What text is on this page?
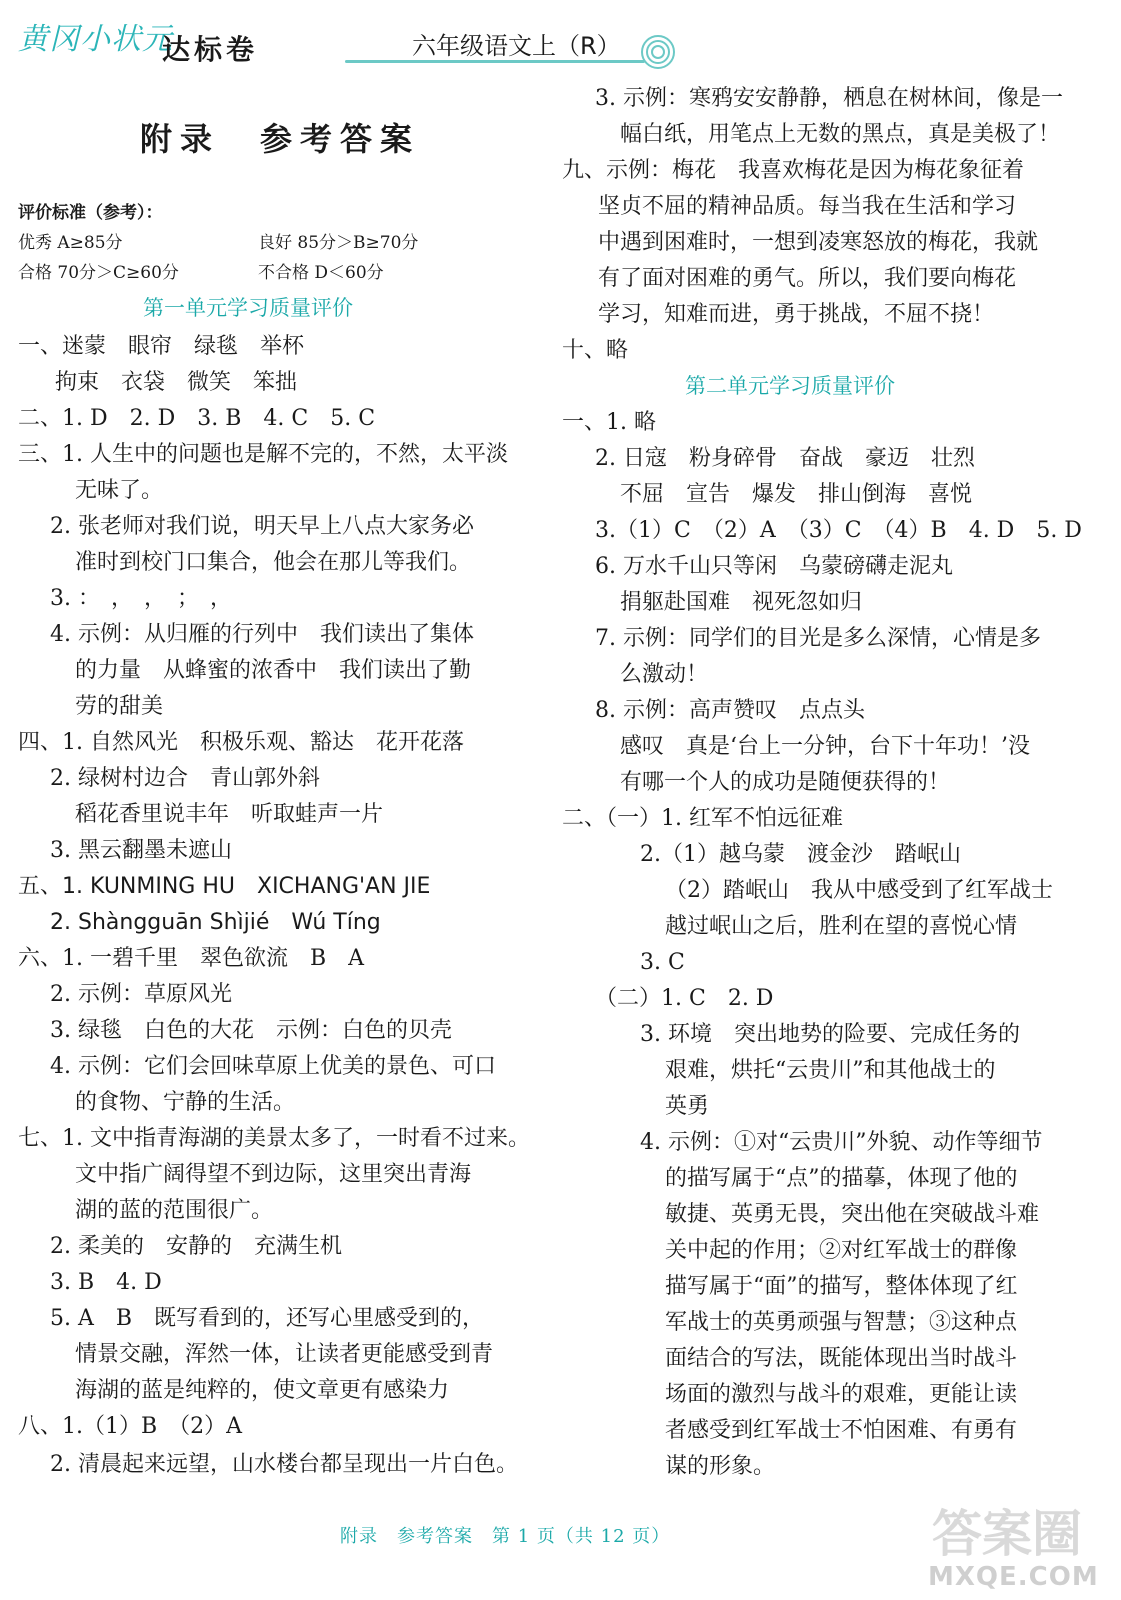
黄冈小状元
达标卷	六年级语文上（R）
附录　参考答案
评价标准（参考）：
优秀 A≥85分	良好 85分＞B≥70分
合格 70分＞C≥60分	不合格 D＜60分
第一单元学习质量评价
一、迷蒙　眼帘　绿毯　举杯
拘束　衣袋　微笑　笨拙
二、1. D　2. D　3. B　4. C　5. C
三、1. 人生中的问题也是解不完的，不然，太平淡
无味了。
2. 张老师对我们说，明天早上八点大家务必
准时到校门口集合，他会在那儿等我们。
3. ：　，　，　；　，
4. 示例：从归雁的行列中　我们读出了集体
的力量　从蜂蜜的浓香中　我们读出了勤
劳的甜美
四、1. 自然风光　积极乐观、豁达　花开花落
2. 绿树村边合　青山郭外斜
稻花香里说丰年　听取蛙声一片
3. 黑云翻墨未遮山
五、1. KUNMING HU　XICHANG'AN JIE
2. Shàngguān Shìjié　Wú Tíng
六、1. 一碧千里　翠色欲流　B　A
2. 示例：草原风光
3. 绿毯　白色的大花　示例：白色的贝壳
4. 示例：它们会回味草原上优美的景色、可口
的食物、宁静的生活。
七、1. 文中指青海湖的美景太多了，一时看不过来。
文中指广阔得望不到边际，这里突出青海
湖的蓝的范围很广。
2. 柔美的　安静的　充满生机
3. B　4. D
5. A　B　既写看到的，还写心里感受到的，
情景交融，浑然一体，让读者更能感受到青
海湖的蓝是纯粹的，使文章更有感染力
八、1.（1）B　（2）A
2. 清晨起来远望，山水楼台都呈现出一片白色。
3. 示例：寒鸦安安静静，栖息在树林间，像是一
幅白纸，用笔点上无数的黑点，真是美极了！
九、示例：梅花　我喜欢梅花是因为梅花象征着
坚贞不屈的精神品质。每当我在生活和学习
中遇到困难时，一想到凌寒怒放的梅花，我就
有了面对困难的勇气。所以，我们要向梅花
学习，知难而进，勇于挑战，不屈不挠！
十、略
第二单元学习质量评价
一、1. 略
2. 日寇　粉身碎骨　奋战　豪迈　壮烈
不屈　宣告　爆发　排山倒海　喜悦
3.（1）C　（2）A　（3）C　（4）B　4. D　5. D
6. 万水千山只等闲　乌蒙磅礴走泥丸
捐躯赴国难　视死忽如归
7. 示例：同学们的目光是多么深情，心情是多
么激动！
8. 示例：高声赞叹　点点头
感叹　真是‘台上一分钟，台下十年功！’没
有哪一个人的成功是随便获得的！
二、（一）1. 红军不怕远征难
2.（1）越乌蒙　渡金沙　踏岷山
（2）踏岷山　我从中感受到了红军战士
越过岷山之后，胜利在望的喜悦心情
3. C
（二）1. C　2. D
3. 环境　突出地势的险要、完成任务的
艰难，烘托“云贵川”和其他战士的
英勇
4. 示例：①对“云贵川”外貌、动作等细节
的描写属于“点”的描摹，体现了他的
敏捷、英勇无畏，突出他在突破战斗难
关中起的作用；②对红军战士的群像
描写属于“面”的描写，整体体现了红
军战士的英勇顽强与智慧；③这种点
面结合的写法，既能体现出当时战斗
场面的激烈与战斗的艰难，更能让读
者感受到红军战士不怕困难、有勇有
谋的形象。
附录　参考答案　第 1 页（共 12 页）	答案圈
MXQE.COM
